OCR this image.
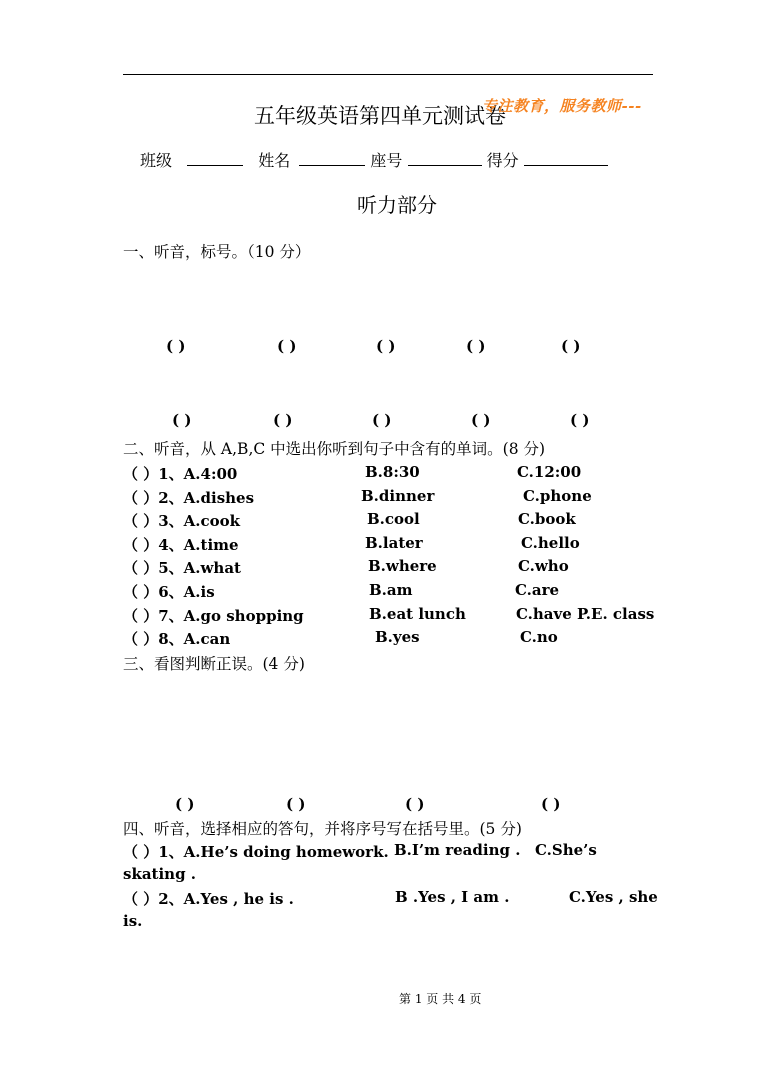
五年级英语第四单元测试卷
专注教育，服务教师---
班级	姓名	座号	得分
听力部分
一、听音，标号。（10 分）
( )	( )	( )	( )	( )
( )	( )	( )	( )	( )
二、听音，从 A,B,C 中选出你听到句子中含有的单词。(8 分)
（ ）1、A.4:00	B.8:30	C.12:00
（ ）2、A.dishes	B.dinner	C.phone
（ ）3、A.cook	B.cool	C.book
（ ）4、A.time	B.later	C.hello
（ ）5、A.what	B.where	C.who
（ ）6、A.is	B.am	C.are
（ ）7、A.go shopping	B.eat lunch	C.have P.E. class
（ ）8、A.can	B.yes	C.no
三、看图判断正误。(4 分)
( )	( )	( )	( )
四、听音，选择相应的答句，并将序号写在括号里。(5 分)
（ ）1、A.He’s doing homework. B.I’m reading . C.She’s
skating .
（ ）2、A.Yes , he is .	B .Yes , I am .	C.Yes , she
is.
第 1 页 共 4 页
